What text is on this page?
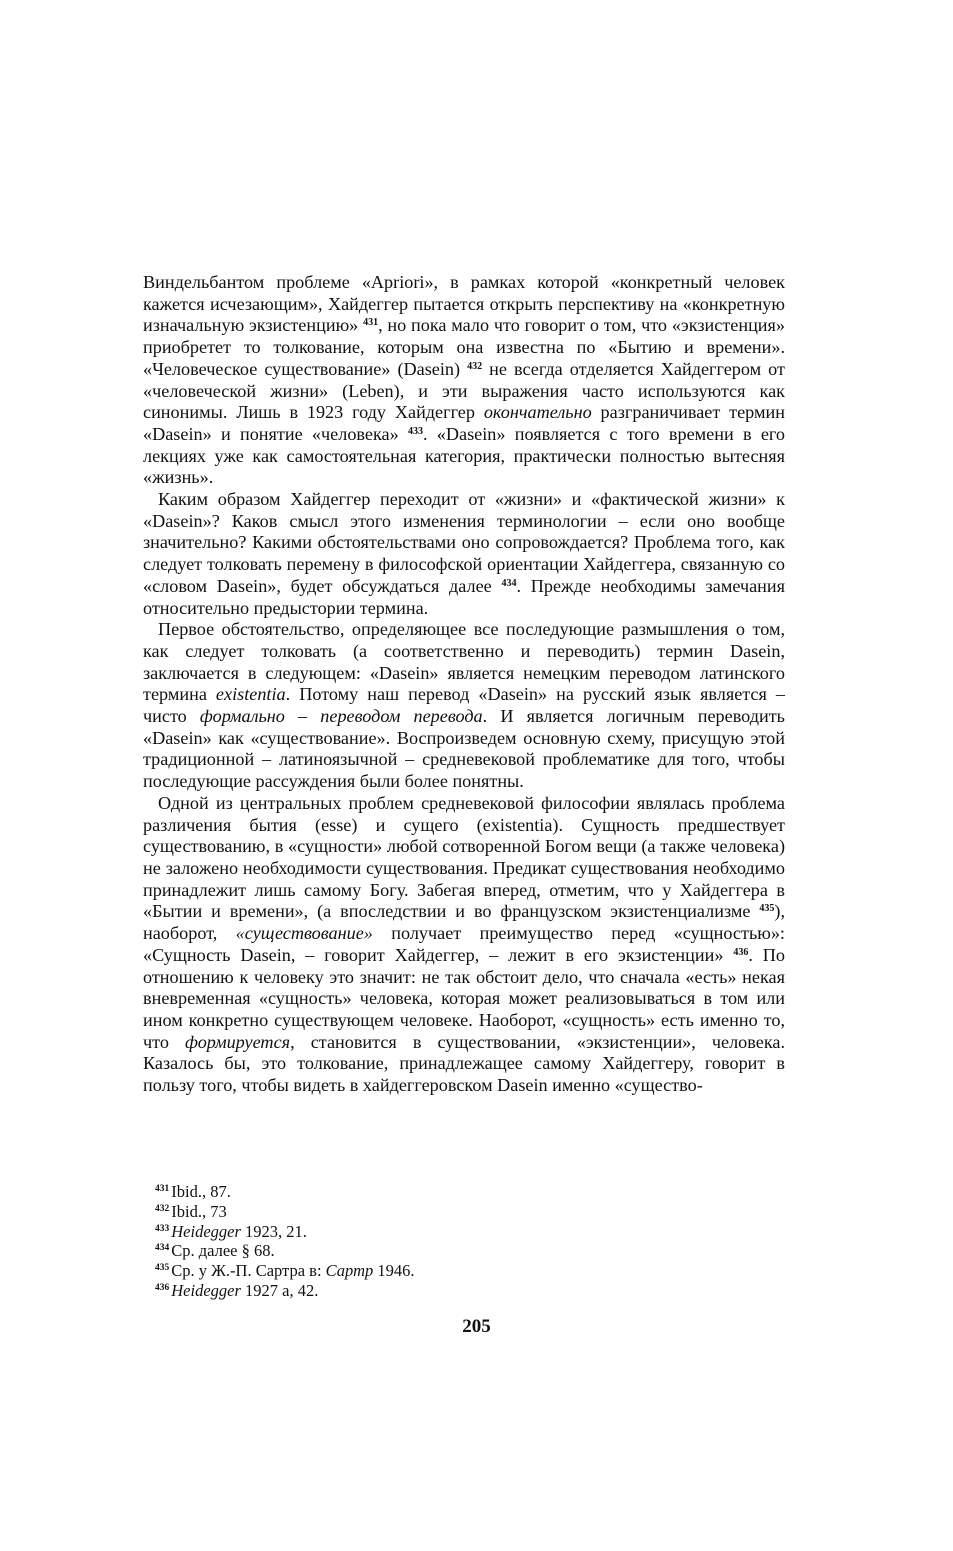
Виндельбантом проблеме «Apriori», в рамках которой «конкретный человек кажется исчезающим», Хайдеггер пытается открыть перспективу на «конкретную изначальную экзистенцию» $^{431}$, но пока мало что говорит о том, что «экзистенция» приобретет то толкование, которым она известна по «Бытию и времени». «Человеческое существование» (Dasein) $^{432}$ не всегда отделяется Хайдеггером от «человеческой жизни» (Leben), и эти выражения часто используются как синонимы. Лишь в 1923 году Хайдеггер окончательно разграничивает термин «Dasein» и понятие «человека» $^{433}$. «Dasein» появляется с того времени в его лекциях уже как самостоятельная категория, практически полностью вытесняя «жизнь».

Каким образом Хайдеггер переходит от «жизни» и «фактической жизни» к «Dasein»? Каков смысл этого изменения терминологии – если оно вообще значительно? Какими обстоятельствами оно сопровождается? Проблема того, как следует толковать перемену в философской ориентации Хайдеггера, связанную со «словом Dasein», будет обсуждаться далее $^{434}$. Прежде необходимы замечания относительно предыстории термина.

Первое обстоятельство, определяющее все последующие размышления о том, как следует толковать (а соответственно и переводить) термин Dasein, заключается в следующем: «Dasein» является немецким переводом латинского термина existentia. Потому наш перевод «Dasein» на русский язык является – чисто формально – переводом перевода. И является логичным переводить «Dasein» как «существование». Воспроизведем основную схему, присущую этой традиционной – латиноязычной – средневековой проблематике для того, чтобы последующие рассуждения были более понятны.

Одной из центральных проблем средневековой философии являлась проблема различения бытия (esse) и сущего (existentia). Сущность предшествует существованию, в «сущности» любой сотворенной Богом вещи (а также человека) не заложено необходимости существования. Предикат существования необходимо принадлежит лишь самому Богу. Забегая вперед, отметим, что у Хайдеггера в «Бытии и времени», (а впоследствии и во французском экзистенциализме $^{435}$), наоборот, «существование» получает преимущество перед «сущностью»: «Сущность Dasein, – говорит Хайдеггер, – лежит в его экзистенции» $^{436}$. По отношению к человеку это значит: не так обстоит дело, что сначала «есть» некая вневременная «сущность» человека, которая может реализовываться в том или ином конкретно существующем человеке. Наоборот, «сущность» есть именно то, что формируется, становится в существовании, «экзистенции», человека. Казалось бы, это толкование, принадлежащее самому Хайдеггеру, говорит в пользу того, чтобы видеть в хайдеггеровском Dasein именно «существо-

$^{431}$ Ibid., 87.
$^{432}$ Ibid., 73
$^{433}$ Heidegger 1923, 21.
$^{434}$ Ср. далее § 68.
$^{435}$ Ср. у Ж.-П. Сартра в: Сартр 1946.
$^{436}$ Heidegger 1927 а, 42.
205
